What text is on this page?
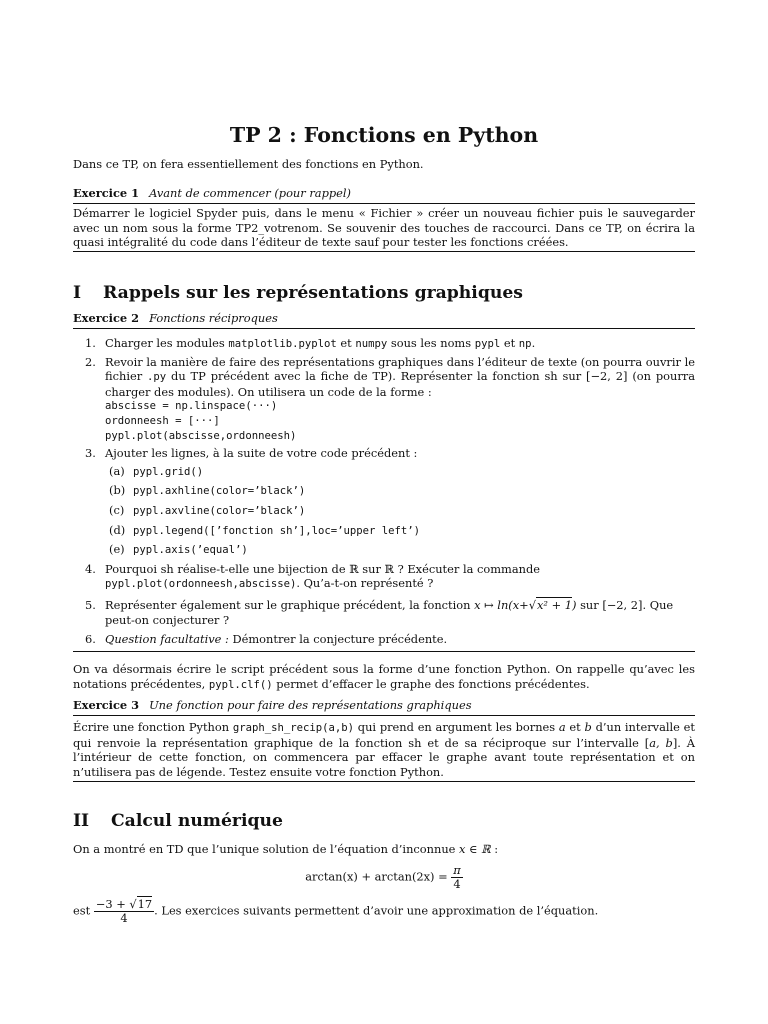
TP 2 : Fonctions en Python
Dans ce TP, on fera essentiellement des fonctions en Python.
Exercice 1 Avant de commencer (pour rappel)
Démarrer le logiciel Spyder puis, dans le menu « Fichier » créer un nouveau fichier puis le sauvegarder avec un nom sous la forme TP2_votrenom. Se souvenir des touches de raccourci. Dans ce TP, on écrira la quasi intégralité du code dans l’éditeur de texte sauf pour tester les fonctions créées.
I Rappels sur les représentations graphiques
Exercice 2 Fonctions réciproques
1. Charger les modules matplotlib.pyplot et numpy sous les noms pypl et np.
2. Revoir la manière de faire des représentations graphiques dans l’éditeur de texte (on pourra ouvrir le fichier .py du TP précédent avec la fiche de TP). Représenter la fonction sh sur [−2, 2] (on pourra charger des modules). On utilisera un code de la forme :
abscisse = np.linspace(···)
ordonneesh = [···]
pypl.plot(abscisse,ordonneesh)
3. Ajouter les lignes, à la suite de votre code précédent :
(a) pypl.grid()
(b) pypl.axhline(color=’black’)
(c) pypl.axvline(color=’black’)
(d) pypl.legend([’fonction sh’],loc=’upper left’)
(e) pypl.axis(’equal’)
4. Pourquoi sh réalise-t-elle une bijection de ℝ sur ℝ ? Exécuter la commande pypl.plot(ordonneesh,abscisse). Qu’a-t-on représenté ?
5. Représenter également sur le graphique précédent, la fonction x ↦ ln(x+√x² + 1) sur [−2, 2]. Que peut-on conjecturer ?
6. Question facultative : Démontrer la conjecture précédente.
On va désormais écrire le script précédent sous la forme d’une fonction Python. On rappelle qu’avec les notations précédentes, pypl.clf() permet d’effacer le graphe des fonctions précédentes.
Exercice 3 Une fonction pour faire des représentations graphiques
Écrire une fonction Python graph_sh_recip(a,b) qui prend en argument les bornes a et b d’un intervalle et qui renvoie la représentation graphique de la fonction sh et de sa réciproque sur l’intervalle [a, b]. À l’intérieur de cette fonction, on commencera par effacer le graphe avant toute représentation et on n’utilisera pas de légende. Testez ensuite votre fonction Python.
II Calcul numérique
On a montré en TD que l’unique solution de l’équation d’inconnue x ∈ ℝ :
$\arctan(x) + \arctan(2x) = \frac{\pi}{4}$
est $\frac{-3 + √17}{4}$ . Les exercices suivants permettent d’avoir une approximation de l’équation.
